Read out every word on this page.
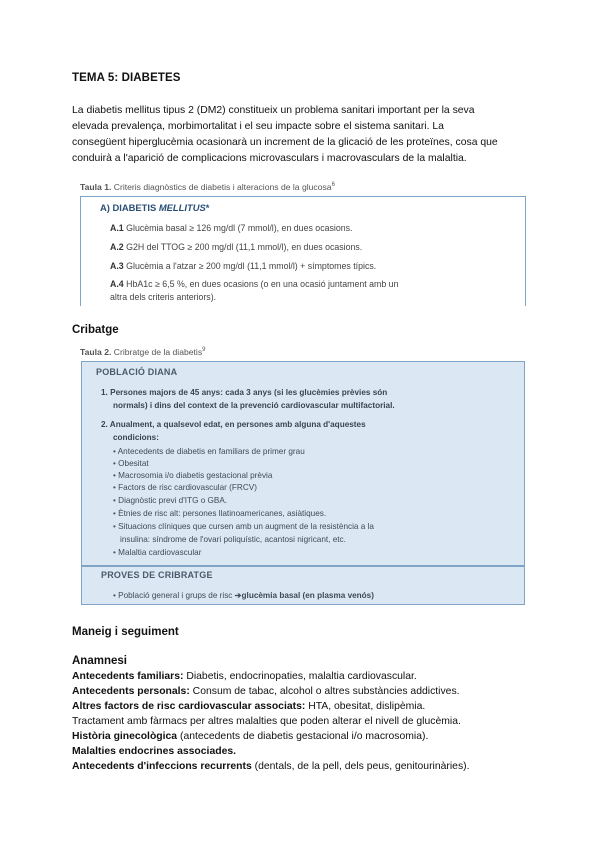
TEMA 5: DIABETES
La diabetis mellitus tipus 2 (DM2) constitueix un problema sanitari important per la seva
elevada prevalença, morbimortalitat i el seu impacte sobre el sistema sanitari. La
consegüent hiperglucèmia ocasionarà un increment de la glicació de les proteïnes, cosa que
conduirà a l'aparició de complicacions microvasculars i macrovasculars de la malaltia.
Taula 1. Criteris diagnòstics de diabetis i alteracions de la glucosa$^6$
A) DIABETIS MELLITUS*
A.1 Glucèmia basal ≥ 126 mg/dl (7 mmol/l), en dues ocasions.
A.2 G2H del TTOG ≥ 200 mg/dl (11,1 mmol/l), en dues ocasions.
A.3 Glucèmia a l'atzar ≥ 200 mg/dl (11,1 mmol/l) + símptomes típics.
A.4 HbA1c ≥ 6,5 %, en dues ocasions (o en una ocasió juntament amb un
altra dels criteris anteriors).
Cribatge
Taula 2. Cribratge de la diabetis$^9$
POBLACIÓ DIANA
1. Persones majors de 45 anys: cada 3 anys (si les glucèmies prèvies són
normals) i dins del context de la prevenció cardiovascular multifactorial.
2. Anualment, a qualsevol edat, en persones amb alguna d'aquestes
condicions:
• Antecedents de diabetis en familiars de primer grau
• Obesitat
• Macrosomia i/o diabetis gestacional prèvia
• Factors de risc cardiovascular (FRCV)
• Diagnòstic previ d'ITG o GBA.
• Ètnies de risc alt: persones llatinoamericanes, asiàtiques.
• Situacions clíniques que cursen amb un augment de la resistència a la
insulina: síndrome de l'ovari poliquístic, acantosi nigricant, etc.
• Malaltia cardiovascular
PROVES DE CRIBRATGE
• Població general i grups de risc ➔glucèmia basal (en plasma venós)
Maneig i seguiment
Anamnesi
Antecedents familiars: Diabetis, endocrinopaties, malaltia cardiovascular.
Antecedents personals: Consum de tabac, alcohol o altres substàncies addictives.
Altres factors de risc cardiovascular associats: HTA, obesitat, dislipèmia.
Tractament amb fàrmacs per altres malalties que poden alterar el nivell de glucèmia.
Història ginecològica (antecedents de diabetis gestacional i/o macrosomia).
Malalties endocrines associades.
Antecedents d'infeccions recurrents (dentals, de la pell, dels peus, genitourinàries).
